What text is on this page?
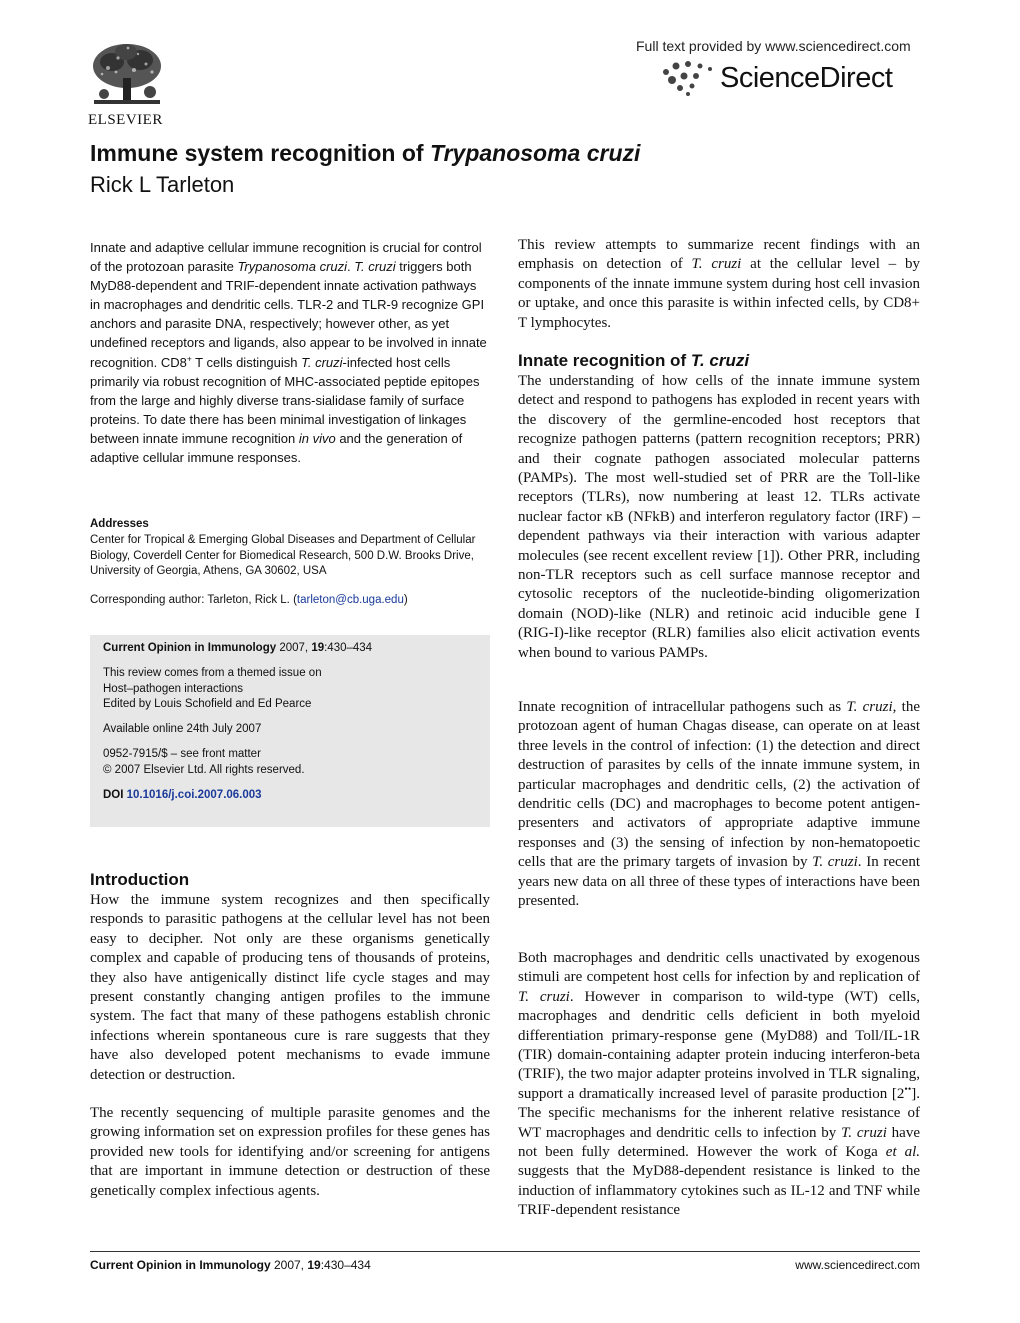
ELSEVIER
Full text provided by www.sciencedirect.com
ScienceDirect
Immune system recognition of Trypanosoma cruzi
Rick L Tarleton

Innate and adaptive cellular immune recognition is crucial for control of the protozoan parasite Trypanosoma cruzi. T. cruzi triggers both MyD88-dependent and TRIF-dependent innate activation pathways in macrophages and dendritic cells. TLR-2 and TLR-9 recognize GPI anchors and parasite DNA, respectively; however other, as yet undefined receptors and ligands, also appear to be involved in innate recognition. CD8+ T cells distinguish T. cruzi-infected host cells primarily via robust recognition of MHC-associated peptide epitopes from the large and highly diverse trans-sialidase family of surface proteins. To date there has been minimal investigation of linkages between innate immune recognition in vivo and the generation of adaptive cellular immune responses.

Addresses

Center for Tropical & Emerging Global Diseases and Department of Cellular Biology, Coverdell Center for Biomedical Research, 500 D.W. Brooks Drive, University of Georgia, Athens, GA 30602, USA

Corresponding author: Tarleton, Rick L. (tarleton@cb.uga.edu)

Current Opinion in Immunology 2007, 19:430–434

This review comes from a themed issue on

Host–pathogen interactions

Edited by Louis Schofield and Ed Pearce

Available online 24th July 2007

0952-7915/$ – see front matter

© 2007 Elsevier Ltd. All rights reserved.

DOI 10.1016/j.coi.2007.06.003

Introduction

How the immune system recognizes and then specifically responds to parasitic pathogens at the cellular level has not been easy to decipher. Not only are these organisms genetically complex and capable of producing tens of thousands of proteins, they also have antigenically distinct life cycle stages and may present constantly changing antigen profiles to the immune system. The fact that many of these pathogens establish chronic infections wherein spontaneous cure is rare suggests that they have also developed potent mechanisms to evade immune detection or destruction.

The recently sequencing of multiple parasite genomes and the growing information set on expression profiles for these genes has provided new tools for identifying and/or screening for antigens that are important in immune detection or destruction of these genetically complex infectious agents.

This review attempts to summarize recent findings with an emphasis on detection of T. cruzi at the cellular level – by components of the innate immune system during host cell invasion or uptake, and once this parasite is within infected cells, by CD8+ T lymphocytes.

Innate recognition of T. cruzi

The understanding of how cells of the innate immune system detect and respond to pathogens has exploded in recent years with the discovery of the germline-encoded host receptors that recognize pathogen patterns (pattern recognition receptors; PRR) and their cognate pathogen associated molecular patterns (PAMPs). The most well-studied set of PRR are the Toll-like receptors (TLRs), now numbering at least 12. TLRs activate nuclear factor κB (NFkB) and interferon regulatory factor (IRF) –dependent pathways via their interaction with various adapter molecules (see recent excellent review [1]). Other PRR, including non-TLR receptors such as cell surface mannose receptor and cytosolic receptors of the nucleotide-binding oligomerization domain (NOD)-like (NLR) and retinoic acid inducible gene I (RIG-I)-like receptor (RLR) families also elicit activation events when bound to various PAMPs.

Innate recognition of intracellular pathogens such as T. cruzi, the protozoan agent of human Chagas disease, can operate on at least three levels in the control of infection: (1) the detection and direct destruction of parasites by cells of the innate immune system, in particular macrophages and dendritic cells, (2) the activation of dendritic cells (DC) and macrophages to become potent antigen-presenters and activators of appropriate adaptive immune responses and (3) the sensing of infection by non-hematopoetic cells that are the primary targets of invasion by T. cruzi. In recent years new data on all three of these types of interactions have been presented.

Both macrophages and dendritic cells unactivated by exogenous stimuli are competent host cells for infection by and replication of T. cruzi. However in comparison to wild-type (WT) cells, macrophages and dendritic cells deficient in both myeloid differentiation primary-response gene (MyD88) and Toll/IL-1R (TIR) domain-containing adapter protein inducing interferon-beta (TRIF), the two major adapter proteins involved in TLR signaling, support a dramatically increased level of parasite production [2••]. The specific mechanisms for the inherent relative resistance of WT macrophages and dendritic cells to infection by T. cruzi have not been fully determined. However the work of Koga et al. suggests that the MyD88-dependent resistance is linked to the induction of inflammatory cytokines such as IL-12 and TNF while TRIF-dependent resistance

Current Opinion in Immunology 2007, 19:430–434	www.sciencedirect.com
